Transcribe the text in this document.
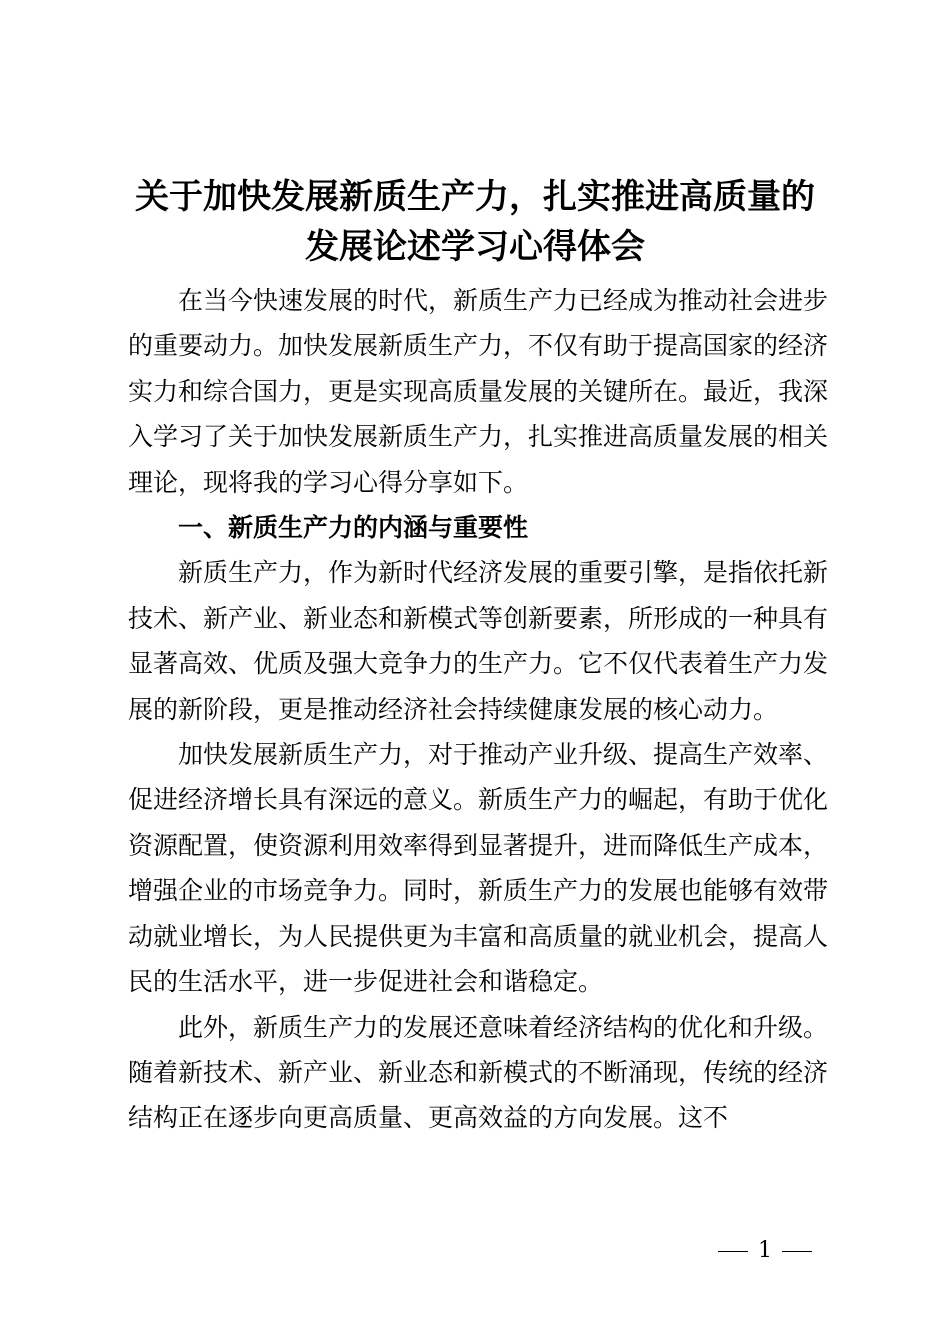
关于加快发展新质生产力，扎实推进高质量的
发展论述学习心得体会

在当今快速发展的时代，新质生产力已经成为推动社会进步的重要动力。加快发展新质生产力，不仅有助于提高国家的经济实力和综合国力，更是实现高质量发展的关键所在。最近，我深入学习了关于加快发展新质生产力，扎实推进高质量发展的相关理论，现将我的学习心得分享如下。

一、新质生产力的内涵与重要性

新质生产力，作为新时代经济发展的重要引擎，是指依托新技术、新产业、新业态和新模式等创新要素，所形成的一种具有显著高效、优质及强大竞争力的生产力。它不仅代表着生产力发展的新阶段，更是推动经济社会持续健康发展的核心动力。

加快发展新质生产力，对于推动产业升级、提高生产效率、促进经济增长具有深远的意义。新质生产力的崛起，有助于优化资源配置，使资源利用效率得到显著提升，进而降低生产成本，增强企业的市场竞争力。同时，新质生产力的发展也能够有效带动就业增长，为人民提供更为丰富和高质量的就业机会，提高人民的生活水平，进一步促进社会和谐稳定。

此外，新质生产力的发展还意味着经济结构的优化和升级。随着新技术、新产业、新业态和新模式的不断涌现，传统的经济结构正在逐步向更高质量、更高效益的方向发展。这不

1
